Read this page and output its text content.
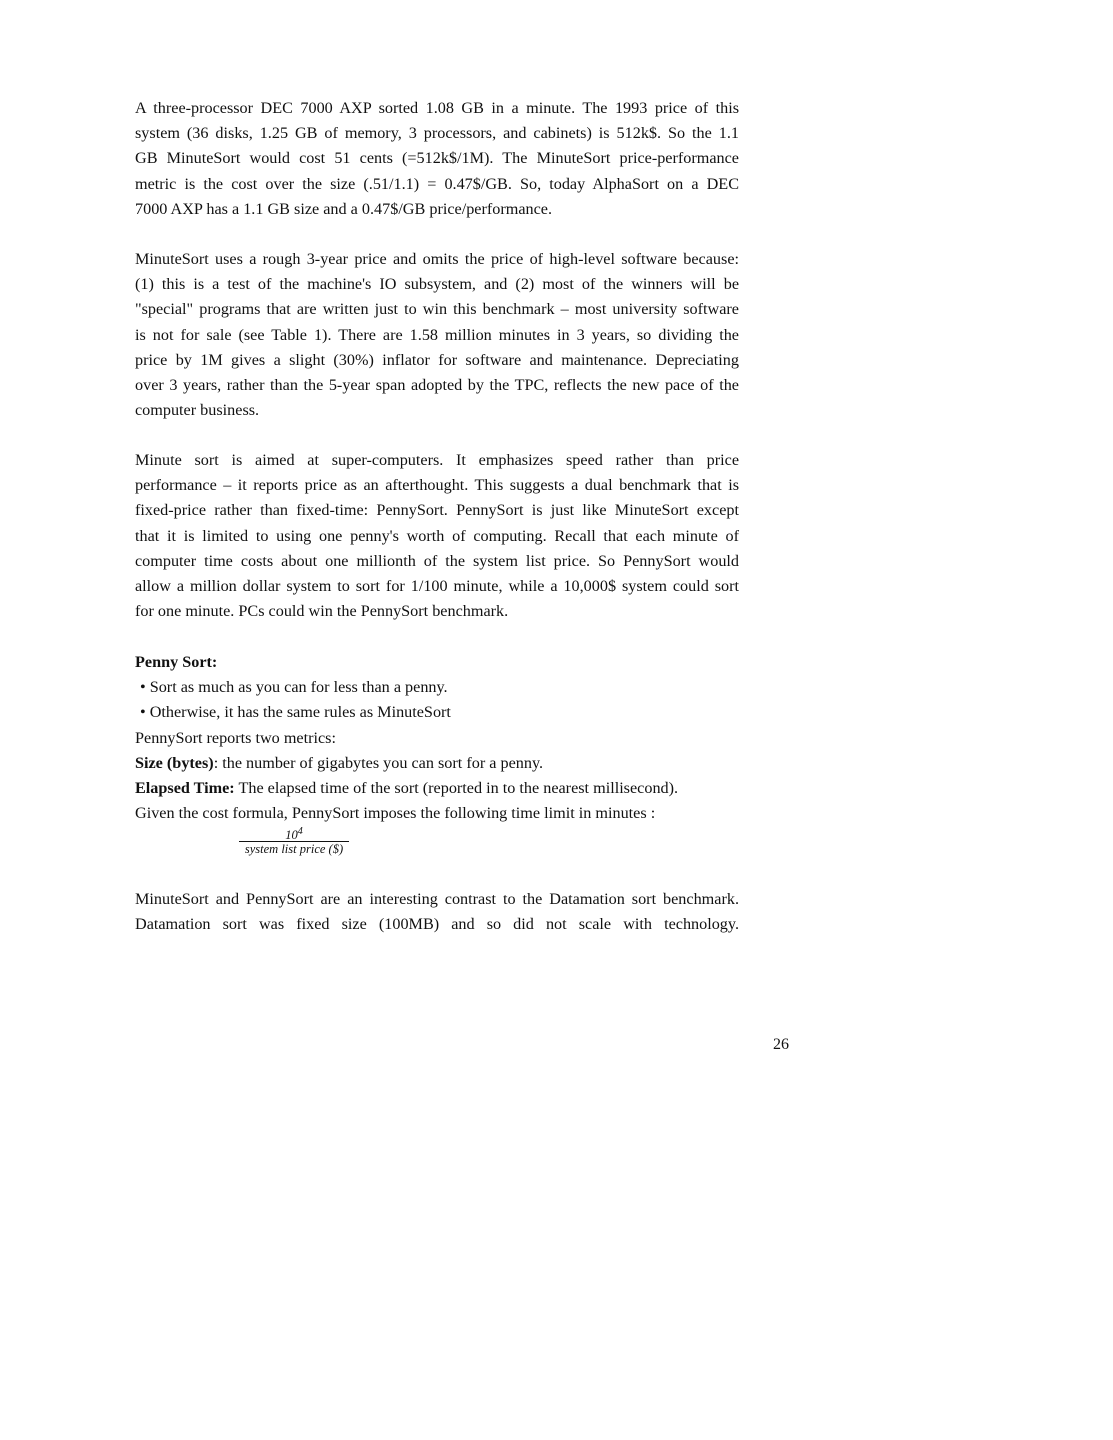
A three-processor DEC 7000 AXP sorted 1.08 GB in a minute. The 1993 price of this
system (36 disks, 1.25 GB of memory, 3 processors, and cabinets) is 512k$. So the 1.1
GB MinuteSort would cost 51 cents (=512k$/1M). The MinuteSort price-performance
metric is the cost over the size (.51/1.1) = 0.47$/GB. So, today AlphaSort on a DEC
7000 AXP has a 1.1 GB size and a 0.47$/GB price/performance.
MinuteSort uses a rough 3-year price and omits the price of high-level software because:
(1) this is a test of the machine's IO subsystem, and (2) most of the winners will be
"special" programs that are written just to win this benchmark – most university software
is not for sale (see Table 1). There are 1.58 million minutes in 3 years, so dividing the
price by 1M gives a slight (30%) inflator for software and maintenance. Depreciating
over 3 years, rather than the 5-year span adopted by the TPC, reflects the new pace of the
computer business.
Minute sort is aimed at super-computers. It emphasizes speed rather than price
performance – it reports price as an afterthought. This suggests a dual benchmark that is
fixed-price rather than fixed-time: PennySort. PennySort is just like MinuteSort except
that it is limited to using one penny's worth of computing. Recall that each minute of
computer time costs about one millionth of the system list price. So PennySort would
allow a million dollar system to sort for 1/100 minute, while a 10,000$ system could sort
for one minute. PCs could win the PennySort benchmark.
Penny Sort:
• Sort as much as you can for less than a penny.
• Otherwise, it has the same rules as MinuteSort
PennySort reports two metrics:
Size (bytes): the number of gigabytes you can sort for a penny.
Elapsed Time: The elapsed time of the sort (reported in to the nearest millisecond).
Given the cost formula, PennySort imposes the following time limit in minutes :
$10^4$
system list price ($)
MinuteSort and PennySort are an interesting contrast to the Datamation sort benchmark.
Datamation sort was fixed size (100MB) and so did not scale with technology.
26
